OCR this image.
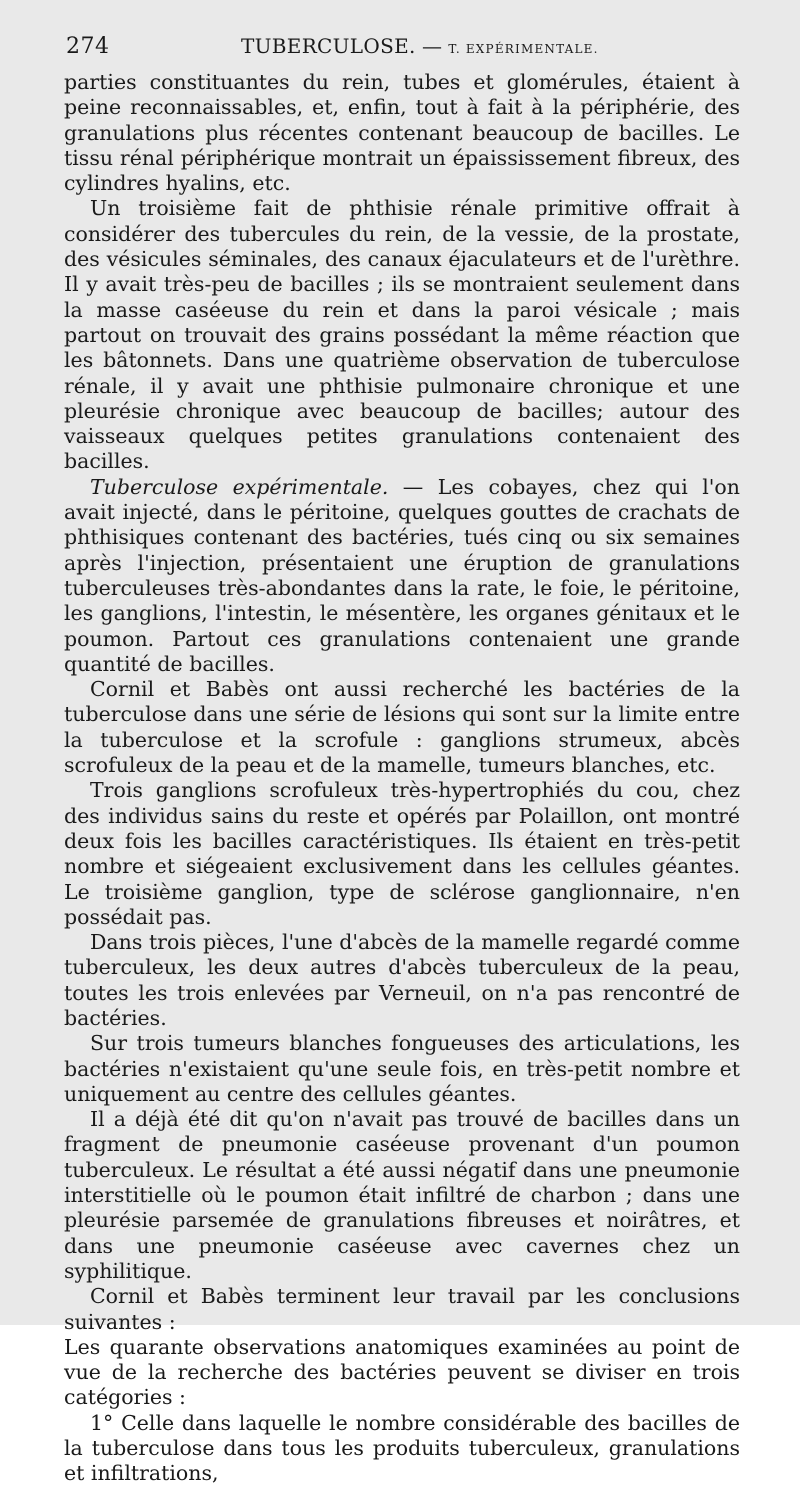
274	TUBERCULOSE. — T. EXPÉRIMENTALE.

parties constituantes du rein, tubes et glomérules, étaient à peine reconnaissables, et, enfin, tout à fait à la périphérie, des granulations plus récentes contenant beaucoup de bacilles. Le tissu rénal périphérique montrait un épaississement fibreux, des cylindres hyalins, etc.

Un troisième fait de phthisie rénale primitive offrait à considérer des tubercules du rein, de la vessie, de la prostate, des vésicules séminales, des canaux éjaculateurs et de l'urèthre. Il y avait très-peu de bacilles ; ils se montraient seulement dans la masse caséeuse du rein et dans la paroi vésicale ; mais partout on trouvait des grains possédant la même réaction que les bâtonnets. Dans une quatrième observation de tuberculose rénale, il y avait une phthisie pulmonaire chronique et une pleurésie chronique avec beaucoup de bacilles; autour des vaisseaux quelques petites granulations contenaient des bacilles.

Tuberculose expérimentale. — Les cobayes, chez qui l'on avait injecté, dans le péritoine, quelques gouttes de crachats de phthisiques contenant des bactéries, tués cinq ou six semaines après l'injection, présentaient une éruption de granulations tuberculeuses très-abondantes dans la rate, le foie, le péritoine, les ganglions, l'intestin, le mésentère, les organes génitaux et le poumon. Partout ces granulations contenaient une grande quantité de bacilles.

Cornil et Babès ont aussi recherché les bactéries de la tuberculose dans une série de lésions qui sont sur la limite entre la tuberculose et la scrofule : ganglions strumeux, abcès scrofuleux de la peau et de la mamelle, tumeurs blanches, etc.

Trois ganglions scrofuleux très-hypertrophiés du cou, chez des individus sains du reste et opérés par Polaillon, ont montré deux fois les bacilles caractéristiques. Ils étaient en très-petit nombre et siégeaient exclusivement dans les cellules géantes. Le troisième ganglion, type de sclérose ganglionnaire, n'en possédait pas.

Dans trois pièces, l'une d'abcès de la mamelle regardé comme tuberculeux, les deux autres d'abcès tuberculeux de la peau, toutes les trois enlevées par Verneuil, on n'a pas rencontré de bactéries.

Sur trois tumeurs blanches fongueuses des articulations, les bactéries n'existaient qu'une seule fois, en très-petit nombre et uniquement au centre des cellules géantes.

Il a déjà été dit qu'on n'avait pas trouvé de bacilles dans un fragment de pneumonie caséeuse provenant d'un poumon tuberculeux. Le résultat a été aussi négatif dans une pneumonie interstitielle où le poumon était infiltré de charbon ; dans une pleurésie parsemée de granulations fibreuses et noirâtres, et dans une pneumonie caséeuse avec cavernes chez un syphilitique.

Cornil et Babès terminent leur travail par les conclusions suivantes :

Les quarante observations anatomiques examinées au point de vue de la recherche des bactéries peuvent se diviser en trois catégories :

1° Celle dans laquelle le nombre considérable des bacilles de la tuberculose dans tous les produits tuberculeux, granulations et infiltrations,
